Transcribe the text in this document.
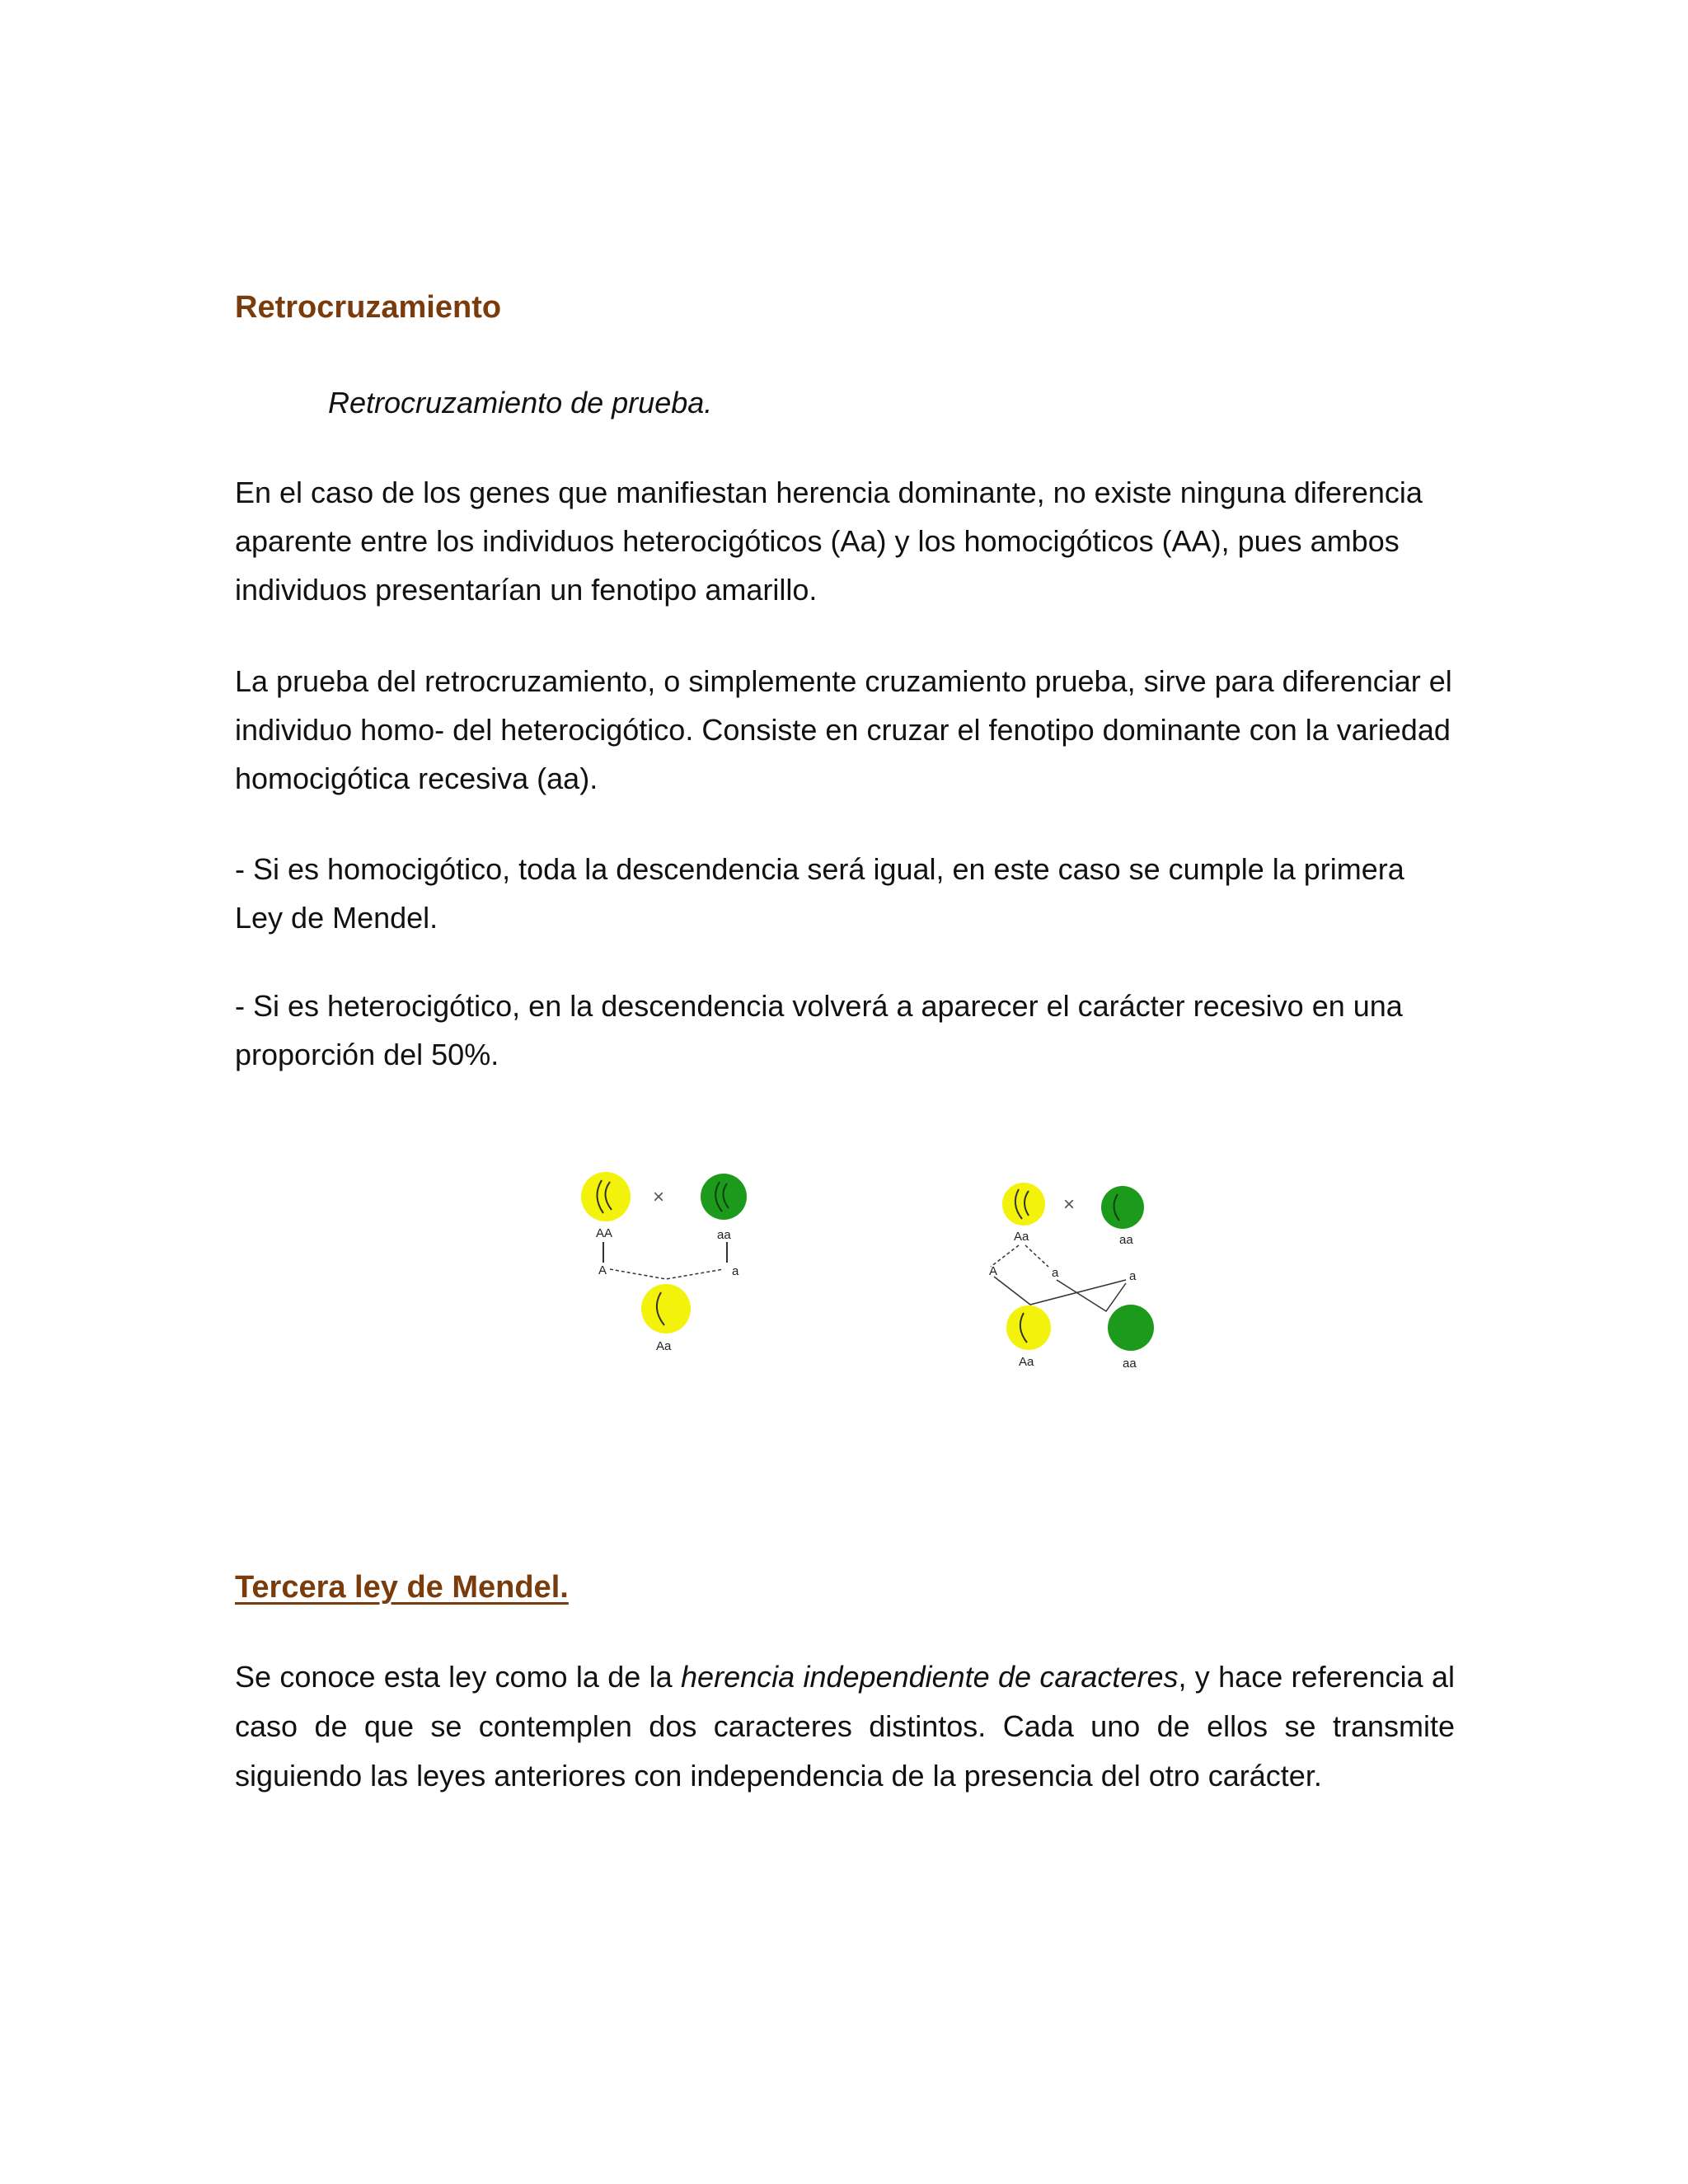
Retrocruzamiento

Retrocruzamiento de prueba.

En el caso de los genes que manifiestan herencia dominante, no existe ninguna diferencia aparente entre los individuos heterocigóticos (Aa) y los homocigóticos (AA), pues ambos individuos presentarían un fenotipo amarillo.

La prueba del retrocruzamiento, o simplemente cruzamiento prueba, sirve para diferenciar el individuo homo- del heterocigótico. Consiste en cruzar el fenotipo dominante con la variedad homocigótica recesiva (aa).

- Si es homocigótico, toda la descendencia será igual, en este caso se cumple la primera Ley de Mendel.

- Si es heterocigótico, en la descendencia volverá a aparecer el carácter recesivo en una proporción del 50%.

×
AA	aa
A	a
Aa
×
Aa	aa
A	a	a
Aa	aa
Tercera ley de Mendel.

Se conoce esta ley como la de la herencia independiente de caracteres, y hace referencia al caso de que se contemplen dos caracteres distintos. Cada uno de ellos se transmite siguiendo las leyes anteriores con independencia de la presencia del otro carácter.
